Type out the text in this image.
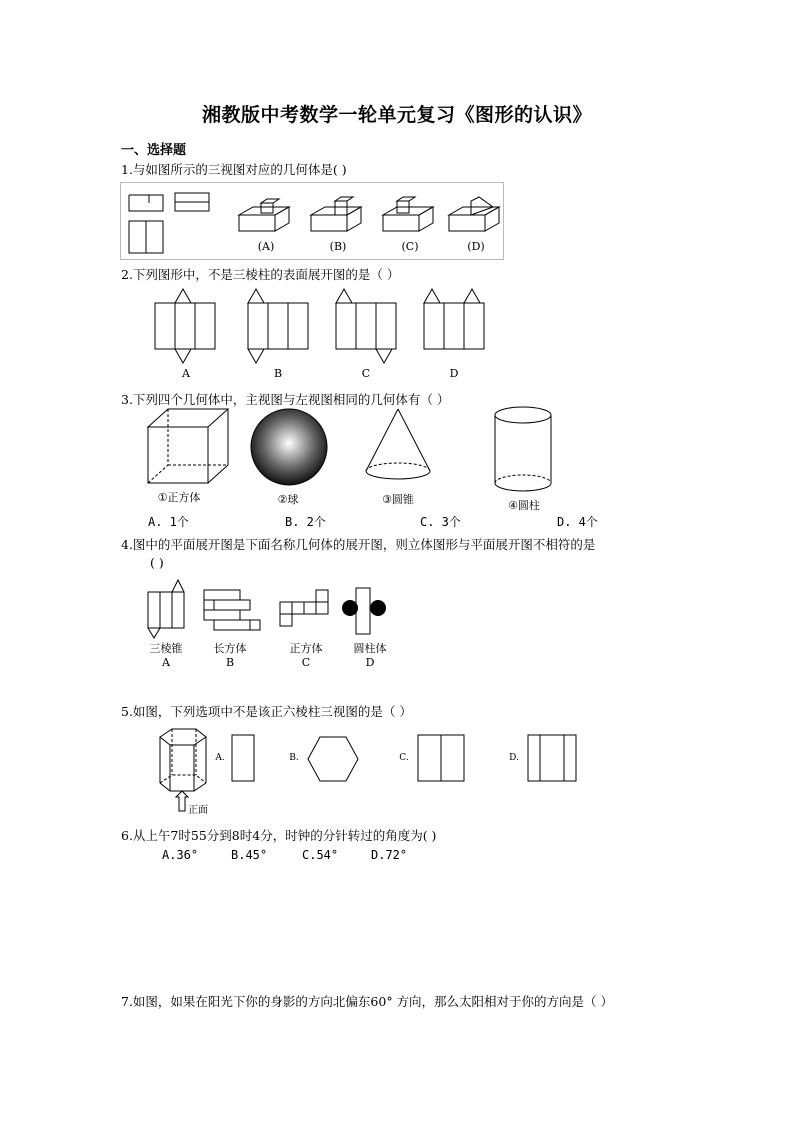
湘教版中考数学一轮单元复习《图形的认识》
一、选择题
1.与如图所示的三视图对应的几何体是( )
(A)	(B)	(C)	(D)
2.下列图形中，不是三棱柱的表面展开图的是（ ）
A	B	C	D
3.下列四个几何体中，主视图与左视图相同的几何体有（ ）
①正方体	②球	③圆锥	④圆柱
A. 1个	B. 2个	C. 3个	D. 4个
4.图中的平面展开图是下面名称几何体的展开图，则立体图形与平面展开图不相符的是
( )
三棱锥	长方体	正方体	圆柱体
A	B	C	D
5.如图，下列选项中不是该正六棱柱三视图的是（ ）
正面
A.	B.	C.	D.
6.从上午7时55分到8时4分，时钟的分针转过的角度为( )
A.36°	B.45°	C.54°	D.72°
7.如图，如果在阳光下你的身影的方向北偏东60° 方向，那么太阳相对于你的方向是（ ）
